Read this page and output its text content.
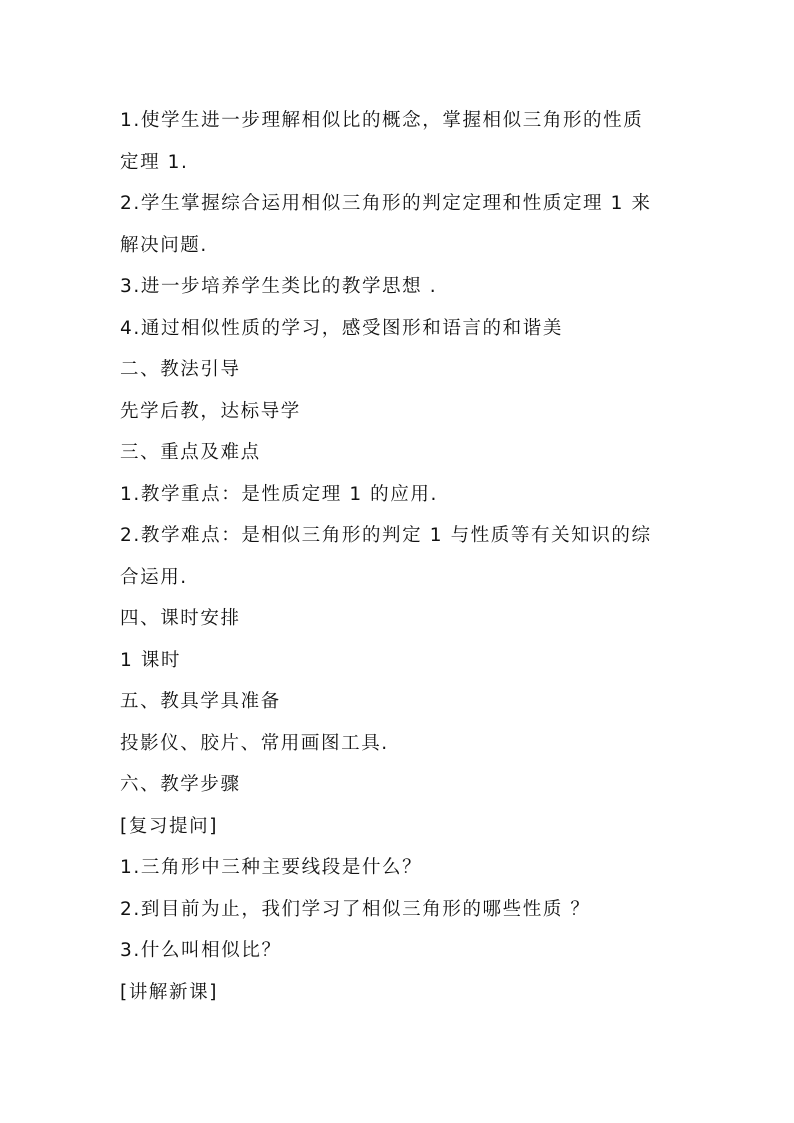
1.使学生进一步理解相似比的概念，掌握相似三角形的性质
定理 1.
2.学生掌握综合运用相似三角形的判定定理和性质定理 1 来
解决问题.
3.进一步培养学生类比的教学思想 .
4.通过相似性质的学习，感受图形和语言的和谐美
二、教法引导
先学后教，达标导学
三、重点及难点
1.教学重点：是性质定理 1 的应用.
2.教学难点：是相似三角形的判定 1 与性质等有关知识的综
合运用.
四、课时安排
1 课时
五、教具学具准备
投影仪、胶片、常用画图工具.
六、教学步骤
[复习提问]
1.三角形中三种主要线段是什么？
2.到目前为止，我们学习了相似三角形的哪些性质 ？
3.什么叫相似比？
[讲解新课]
